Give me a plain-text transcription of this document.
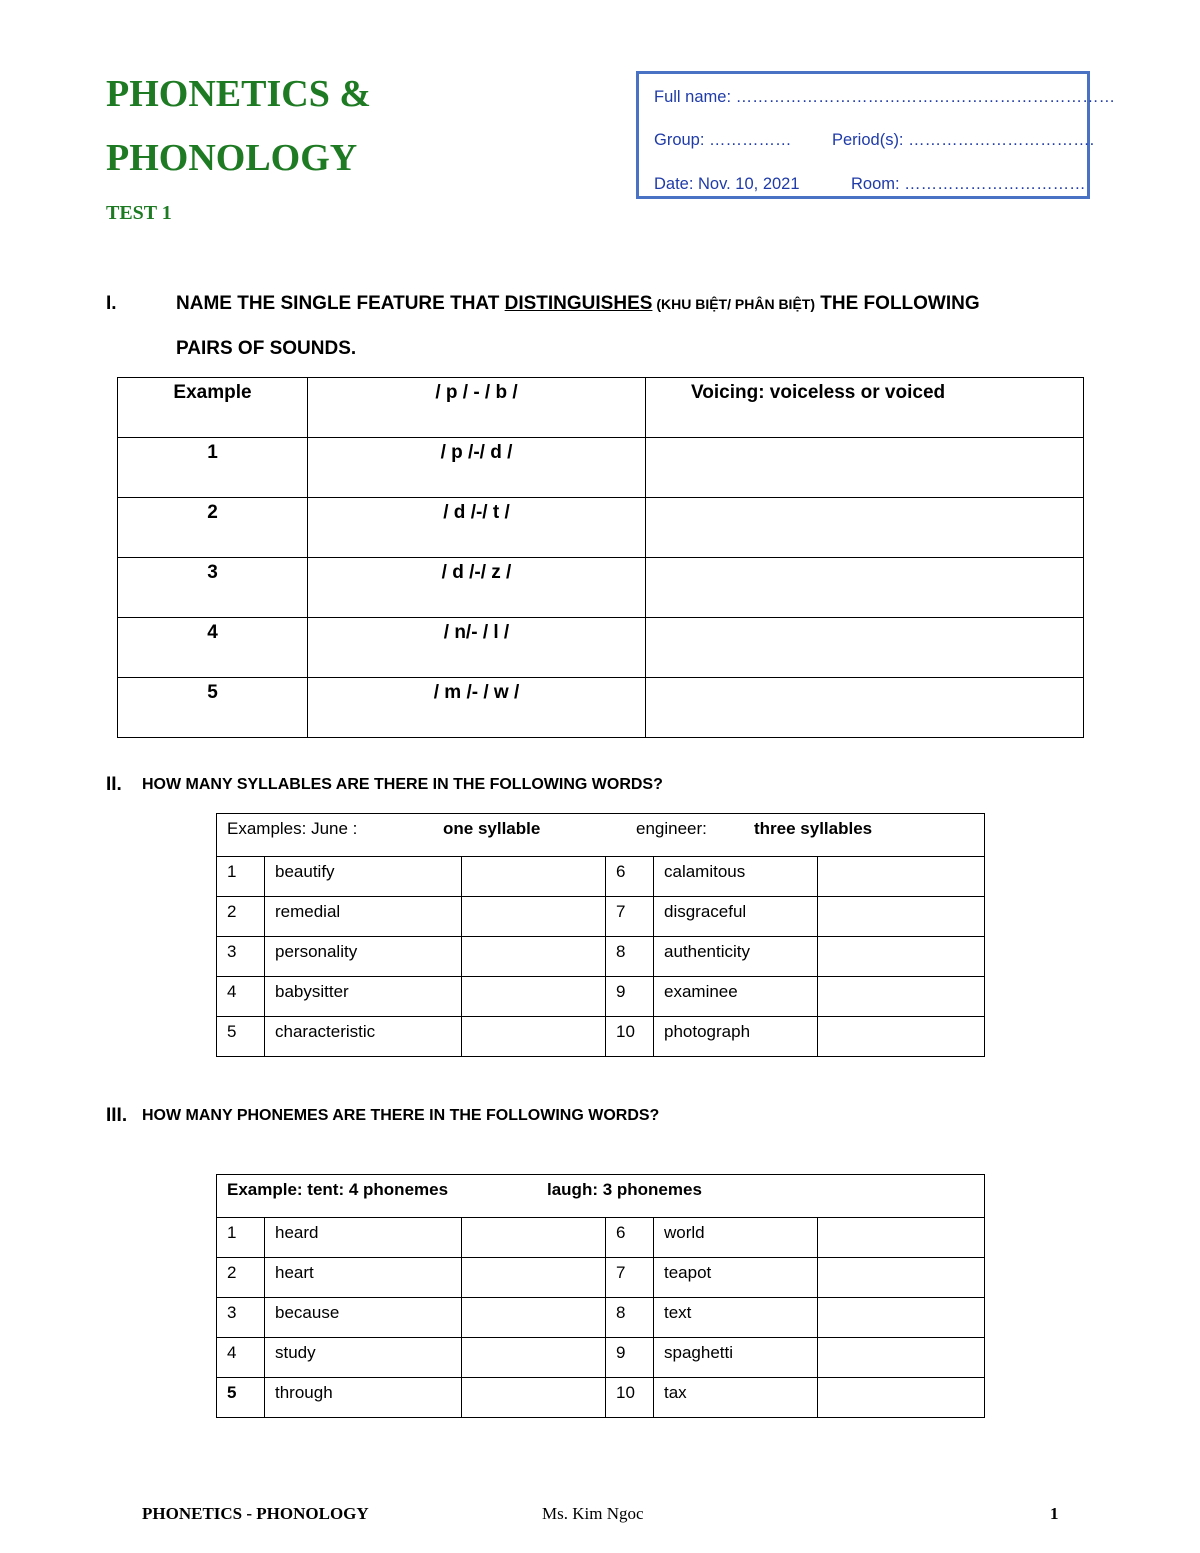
PHONETICS &
PHONOLOGY
TEST 1
Full name: ……………………………………………………………
Group: …………… Period(s): …………………………….
Date: Nov. 10, 2021	Room: ……………………………
I.	NAME THE SINGLE FEATURE THAT DISTINGUISHES (KHU BIỆT/ PHÂN BIỆT) THE FOLLOWING
PAIRS OF SOUNDS.
Example	/ p / - / b /	Voicing: voiceless or voiced
1	/ p /-/ d /	
2	/ d /-/ t /	
3	/ d /-/ z /	
4	/ n/- / l /	
5	/ m /- / w /	
II. HOW MANY SYLLABLES ARE THERE IN THE FOLLOWING WORDS?
Examples: June : one syllable engineer: three syllables					

1	beautify		6	calamitous	
2	remedial		7	disgraceful	
3	personality		8	authenticity	
4	babysitter		9	examinee	
5	characteristic		10	photograph	
III. HOW MANY PHONEMES ARE THERE IN THE FOLLOWING WORDS?
Example: tent: 4 phonemes laugh: 3 phonemes					

1	heard		6	world	
2	heart		7	teapot	
3	because		8	text	
4	study		9	spaghetti	
5	through		10	tax	
PHONETICS - PHONOLOGY	Ms. Kim Ngoc	1
